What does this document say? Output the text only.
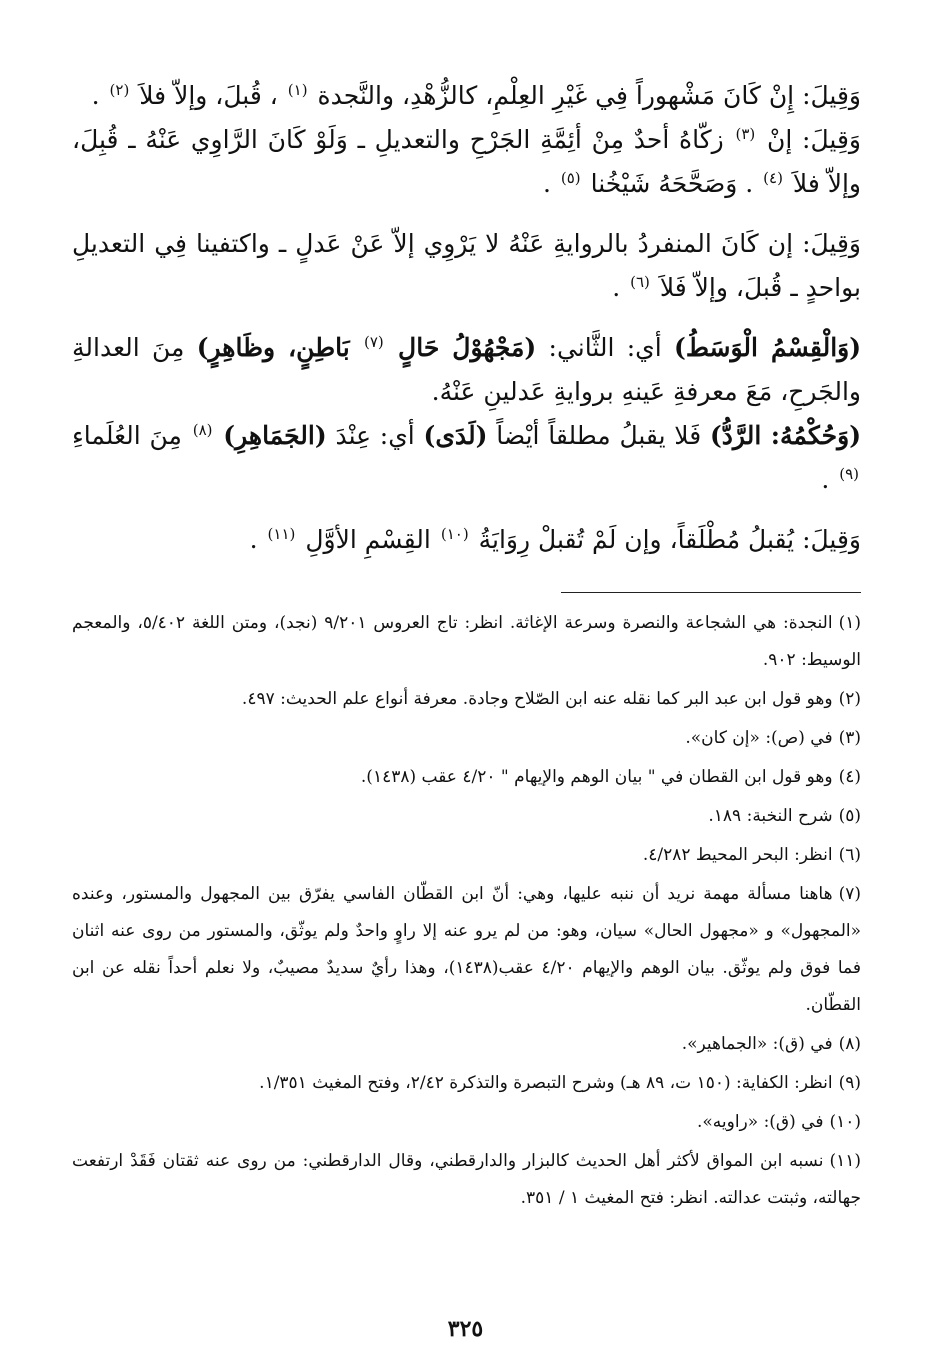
وَقِيلَ: إِنْ كَانَ مَشْهوراً فِي غَيْرِ العِلْمِ، كالزُّهْدِ، والنَّجدة $^{(١)}$ ، قُبلَ، وإلاّ فلاَ $^{(٢)}$ .

وَقِيلَ: إنْ $^{(٣)}$ زكّاهُ أحدٌ مِنْ أئِمَّةِ الجَرْحِ والتعديلِ ـ وَلَوْ كَانَ الرَّاوِي عَنْهُ ـ قُبِلَ، وإلاّ فلاَ $^{(٤)}$ . وَصَحَّحَهُ شَيْخُنا $^{(٥)}$ .

وَقِيلَ: إن كَانَ المنفردُ بالروايةِ عَنْهُ لا يَرْوِي إلاّ عَنْ عَدلٍ ـ واكتفينا فِي التعديلِ بواحدٍ ـ قُبلَ، وإلاّ فَلاَ $^{(٦)}$ .

(وَالْقِسْمُ الْوَسَطُ) أي: الثَّاني: (مَجْهُوْلُ حَالٍ $^{(٧)}$ بَاطِنٍ، وظَاهِرٍ) مِنَ العدالةِ والجَرحِ، مَعَ معرفةِ عَينهِ بروايةِ عَدلينِ عَنْهُ.

(وَحُكْمُهُ: الرَّدُّ) فَلا يقبلُ مطلقاً أيْضاً (لَدَى) أي: عِنْدَ (الجَمَاهِرِ) $^{(٨)}$ مِنَ العُلَماءِ $^{(٩)}$ .

وَقِيلَ: يُقبلُ مُطْلَقاً، وإن لَمْ تُقبلْ رِوَايَةُ $^{(١٠)}$ القِسْمِ الأوَّلِ $^{(١١)}$ .

(١)النجدة: هي الشجاعة والنصرة وسرعة الإغاثة. انظر: تاج العروس ٩/٢٠١ (نجد)، ومتن اللغة ٥/٤٠٢، والمعجم الوسيط: ٩٠٢.

(٢)وهو قول ابن عبد البر كما نقله عنه ابن الصّلاح وجادة. معرفة أنواع علم الحديث: ٤٩٧.

(٣)في (ص): «إن كان».

(٤)وهو قول ابن القطان في " بيان الوهم والإيهام " ٤/٢٠ عقب (١٤٣٨).

(٥)شرح النخبة: ١٨٩.

(٦)انظر: البحر المحيط ٤/٢٨٢.

(٧)هاهنا مسألة مهمة نريد أن ننبه عليها، وهي: أنّ ابن القطّان الفاسي يفرّق بين المجهول والمستور، وعنده «المجهول» و «مجهول الحال» سيان، وهو: من لم يرو عنه إلا راوٍ واحدٌ ولم يوثّق، والمستور من روى عنه اثنان فما فوق ولم يوثّق. بيان الوهم والإيهام ٤/٢٠ عقب(١٤٣٨)، وهذا رأيٌ سديدٌ مصيبٌ، ولا نعلم أحداً نقله عن ابن القطّان.

(٨)في (ق): «الجماهير».

(٩)انظر: الكفاية: (١٥٠ ت، ٨٩ هـ) وشرح التبصرة والتذكرة ٢/٤٢، وفتح المغيث ١/٣٥١.

(١٠)في (ق): «راويه».

(١١)نسبه ابن المواق لأكثر أهل الحديث كالبزار والدارقطني، وقال الدارقطني: من روى عنه ثقتان فَقَدْ ارتفعت جهالته، وثبتت عدالته. انظر: فتح المغيث ١ / ٣٥١.

٣٢٥
